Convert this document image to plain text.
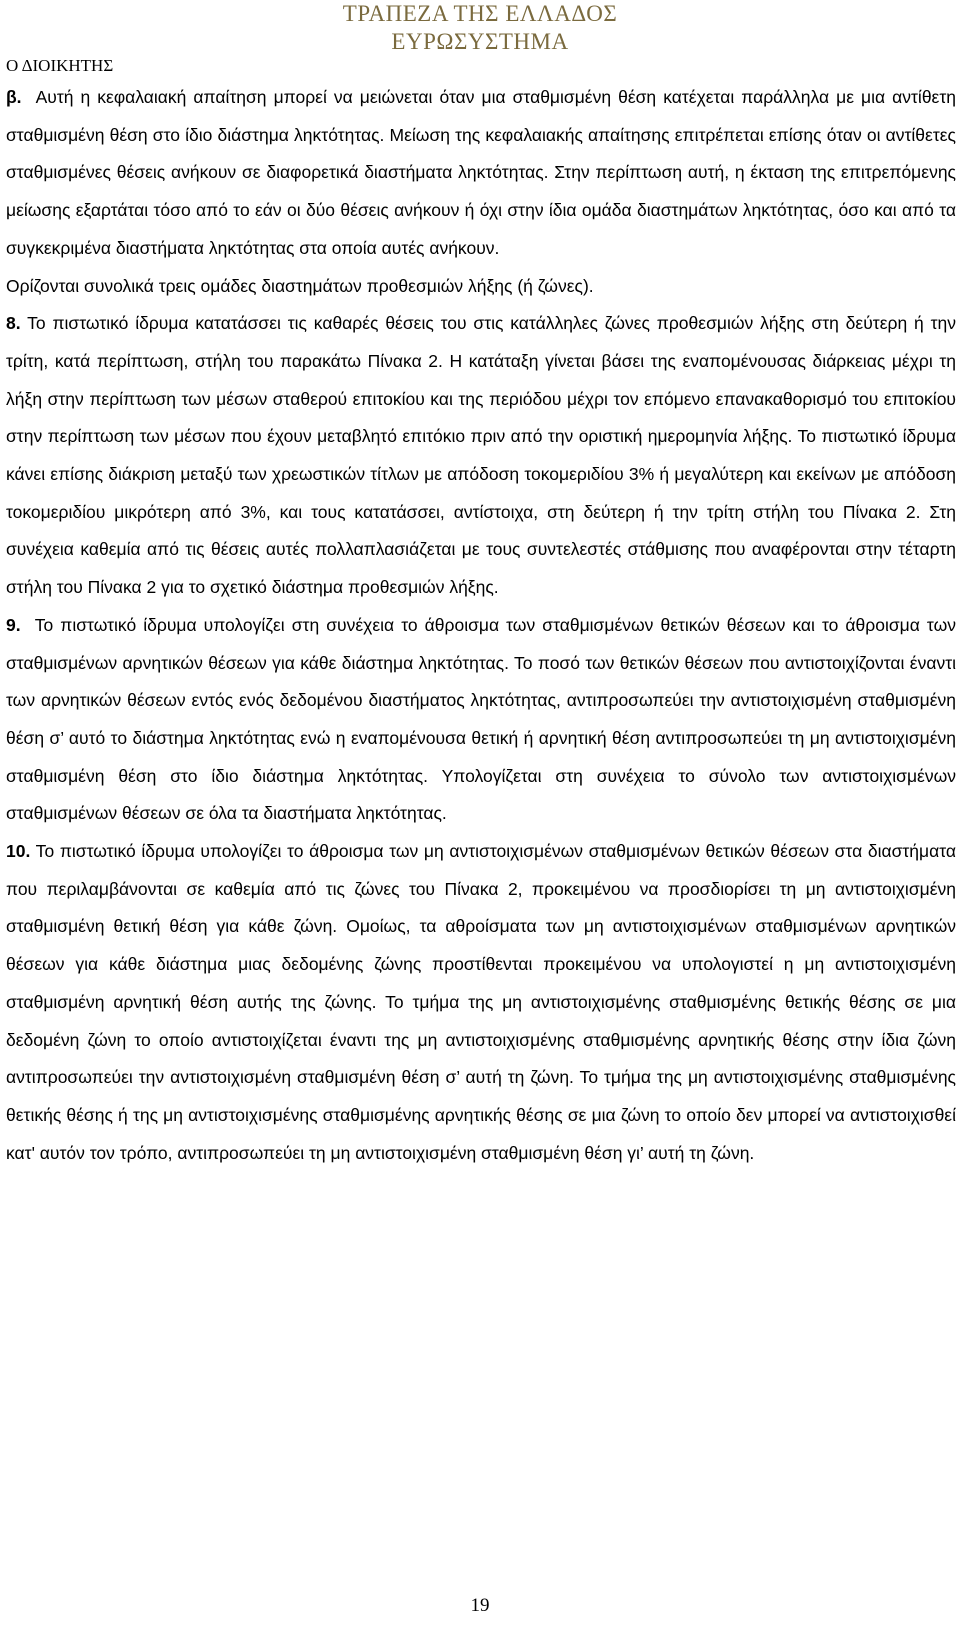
ΤΡΑΠΕΖΑ ΤΗΣ ΕΛΛΑΔΟΣ
ΕΥΡΩΣΥΣΤΗΜΑ
Ο ΔΙΟΙΚΗΤΗΣ

β. Αυτή η κεφαλαιακή απαίτηση μπορεί να μειώνεται όταν μια σταθμισμένη θέση κατέχεται παράλληλα με μια αντίθετη σταθμισμένη θέση στο ίδιο διάστημα ληκτότητας. Μείωση της κεφαλαιακής απαίτησης επιτρέπεται επίσης όταν οι αντίθετες σταθμισμένες θέσεις ανήκουν σε διαφορετικά διαστήματα ληκτότητας. Στην περίπτωση αυτή, η έκταση της επιτρεπόμενης μείωσης εξαρτάται τόσο από το εάν οι δύο θέσεις ανήκουν ή όχι στην ίδια ομάδα διαστημάτων ληκτότητας, όσο και από τα συγκεκριμένα διαστήματα ληκτότητας στα οποία αυτές ανήκουν.

Ορίζονται συνολικά τρεις ομάδες διαστημάτων προθεσμιών λήξης (ή ζώνες).

8. Το πιστωτικό ίδρυμα κατατάσσει τις καθαρές θέσεις του στις κατάλληλες ζώνες προθεσμιών λήξης στη δεύτερη ή την τρίτη, κατά περίπτωση, στήλη του παρακάτω Πίνακα 2. Η κατάταξη γίνεται βάσει της εναπομένουσας διάρκειας μέχρι τη λήξη στην περίπτωση των μέσων σταθερού επιτοκίου και της περιόδου μέχρι τον επόμενο επανακαθορισμό του επιτοκίου στην περίπτωση των μέσων που έχουν μεταβλητό επιτόκιο πριν από την οριστική ημερομηνία λήξης. Το πιστωτικό ίδρυμα κάνει επίσης διάκριση μεταξύ των χρεωστικών τίτλων με απόδοση τοκομεριδίου 3% ή μεγαλύτερη και εκείνων με απόδοση τοκομεριδίου μικρότερη από 3%, και τους κατατάσσει, αντίστοιχα, στη δεύτερη ή την τρίτη στήλη του Πίνακα 2. Στη συνέχεια καθεμία από τις θέσεις αυτές πολλαπλασιάζεται με τους συντελεστές στάθμισης που αναφέρονται στην τέταρτη στήλη του Πίνακα 2 για το σχετικό διάστημα προθεσμιών λήξης.

9. Το πιστωτικό ίδρυμα υπολογίζει στη συνέχεια το άθροισμα των σταθμισμένων θετικών θέσεων και το άθροισμα των σταθμισμένων αρνητικών θέσεων για κάθε διάστημα ληκτότητας. Το ποσό των θετικών θέσεων που αντιστοιχίζονται έναντι των αρνητικών θέσεων εντός ενός δεδομένου διαστήματος ληκτότητας, αντιπροσωπεύει την αντιστοιχισμένη σταθμισμένη θέση σ’ αυτό το διάστημα ληκτότητας ενώ η εναπομένουσα θετική ή αρνητική θέση αντιπροσωπεύει τη μη αντιστοιχισμένη σταθμισμένη θέση στο ίδιο διάστημα ληκτότητας. Υπολογίζεται στη συνέχεια το σύνολο των αντιστοιχισμένων σταθμισμένων θέσεων σε όλα τα διαστήματα ληκτότητας.

10. Το πιστωτικό ίδρυμα υπολογίζει το άθροισμα των μη αντιστοιχισμένων σταθμισμένων θετικών θέσεων στα διαστήματα που περιλαμβάνονται σε καθεμία από τις ζώνες του Πίνακα 2, προκειμένου να προσδιορίσει τη μη αντιστοιχισμένη σταθμισμένη θετική θέση για κάθε ζώνη. Ομοίως, τα αθροίσματα των μη αντιστοιχισμένων σταθμισμένων αρνητικών θέσεων για κάθε διάστημα μιας δεδομένης ζώνης προστίθενται προκειμένου να υπολογιστεί η μη αντιστοιχισμένη σταθμισμένη αρνητική θέση αυτής της ζώνης. Το τμήμα της μη αντιστοιχισμένης σταθμισμένης θετικής θέσης σε μια δεδομένη ζώνη το οποίο αντιστοιχίζεται έναντι της μη αντιστοιχισμένης σταθμισμένης αρνητικής θέσης στην ίδια ζώνη αντιπροσωπεύει την αντιστοιχισμένη σταθμισμένη θέση σ’ αυτή τη ζώνη. Το τμήμα της μη αντιστοιχισμένης σταθμισμένης θετικής θέσης ή της μη αντιστοιχισμένης σταθμισμένης αρνητικής θέσης σε μια ζώνη το οποίο δεν μπορεί να αντιστοιχισθεί κατ' αυτόν τον τρόπο, αντιπροσωπεύει τη μη αντιστοιχισμένη σταθμισμένη θέση γι’ αυτή τη ζώνη.

19
